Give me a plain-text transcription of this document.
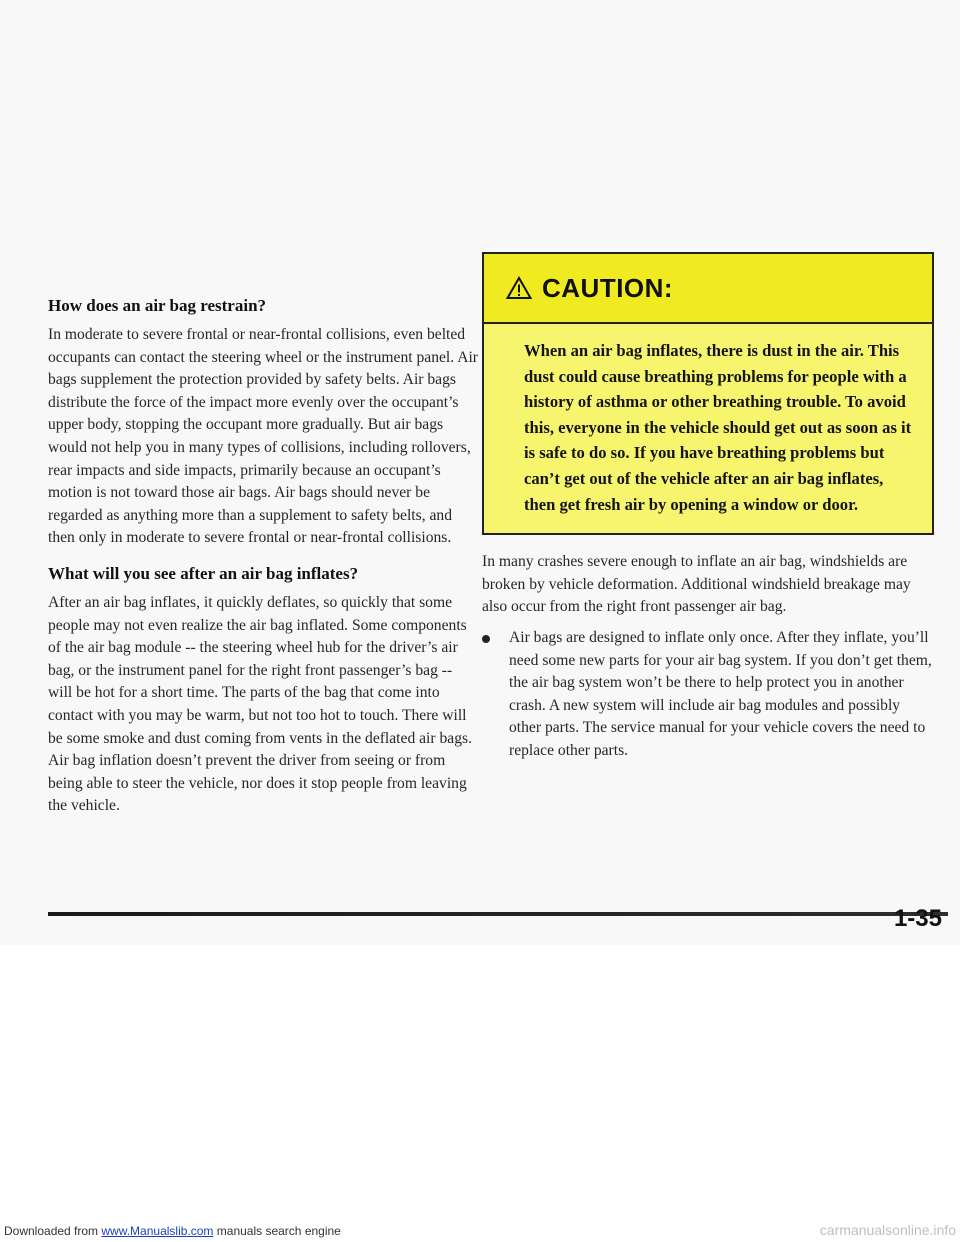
How does an air bag restrain?

In moderate to severe frontal or near-frontal collisions, even belted occupants can contact the steering wheel or the instrument panel. Air bags supplement the protection provided by safety belts. Air bags distribute the force of the impact more evenly over the occupant’s upper body, stopping the occupant more gradually. But air bags would not help you in many types of collisions, including rollovers, rear impacts and side impacts, primarily because an occupant’s motion is not toward those air bags. Air bags should never be regarded as anything more than a supplement to safety belts, and then only in moderate to severe frontal or near-frontal collisions.

What will you see after an air bag inflates?

After an air bag inflates, it quickly deflates, so quickly that some people may not even realize the air bag inflated. Some components of the air bag module -- the steering wheel hub for the driver’s air bag, or the instrument panel for the right front passenger’s bag -- will be hot for a short time. The parts of the bag that come into contact with you may be warm, but not too hot to touch. There will be some smoke and dust coming from vents in the deflated air bags. Air bag inflation doesn’t prevent the driver from seeing or from being able to steer the vehicle, nor does it stop people from leaving the vehicle.

CAUTION:
When an air bag inflates, there is dust in the air. This dust could cause breathing problems for people with a history of asthma or other breathing trouble. To avoid this, everyone in the vehicle should get out as soon as it is safe to do so. If you have breathing problems but can’t get out of the vehicle after an air bag inflates, then get fresh air by opening a window or door.

In many crashes severe enough to inflate an air bag, windshields are broken by vehicle deformation. Additional windshield breakage may also occur from the right front passenger air bag.

Air bags are designed to inflate only once. After they inflate, you’ll need some new parts for your air bag system. If you don’t get them, the air bag system won’t be there to help protect you in another crash. A new system will include air bag modules and possibly other parts. The service manual for your vehicle covers the need to replace other parts.

1-35
Downloaded from www.Manualslib.com manuals search engine	carmanualsonline.info
